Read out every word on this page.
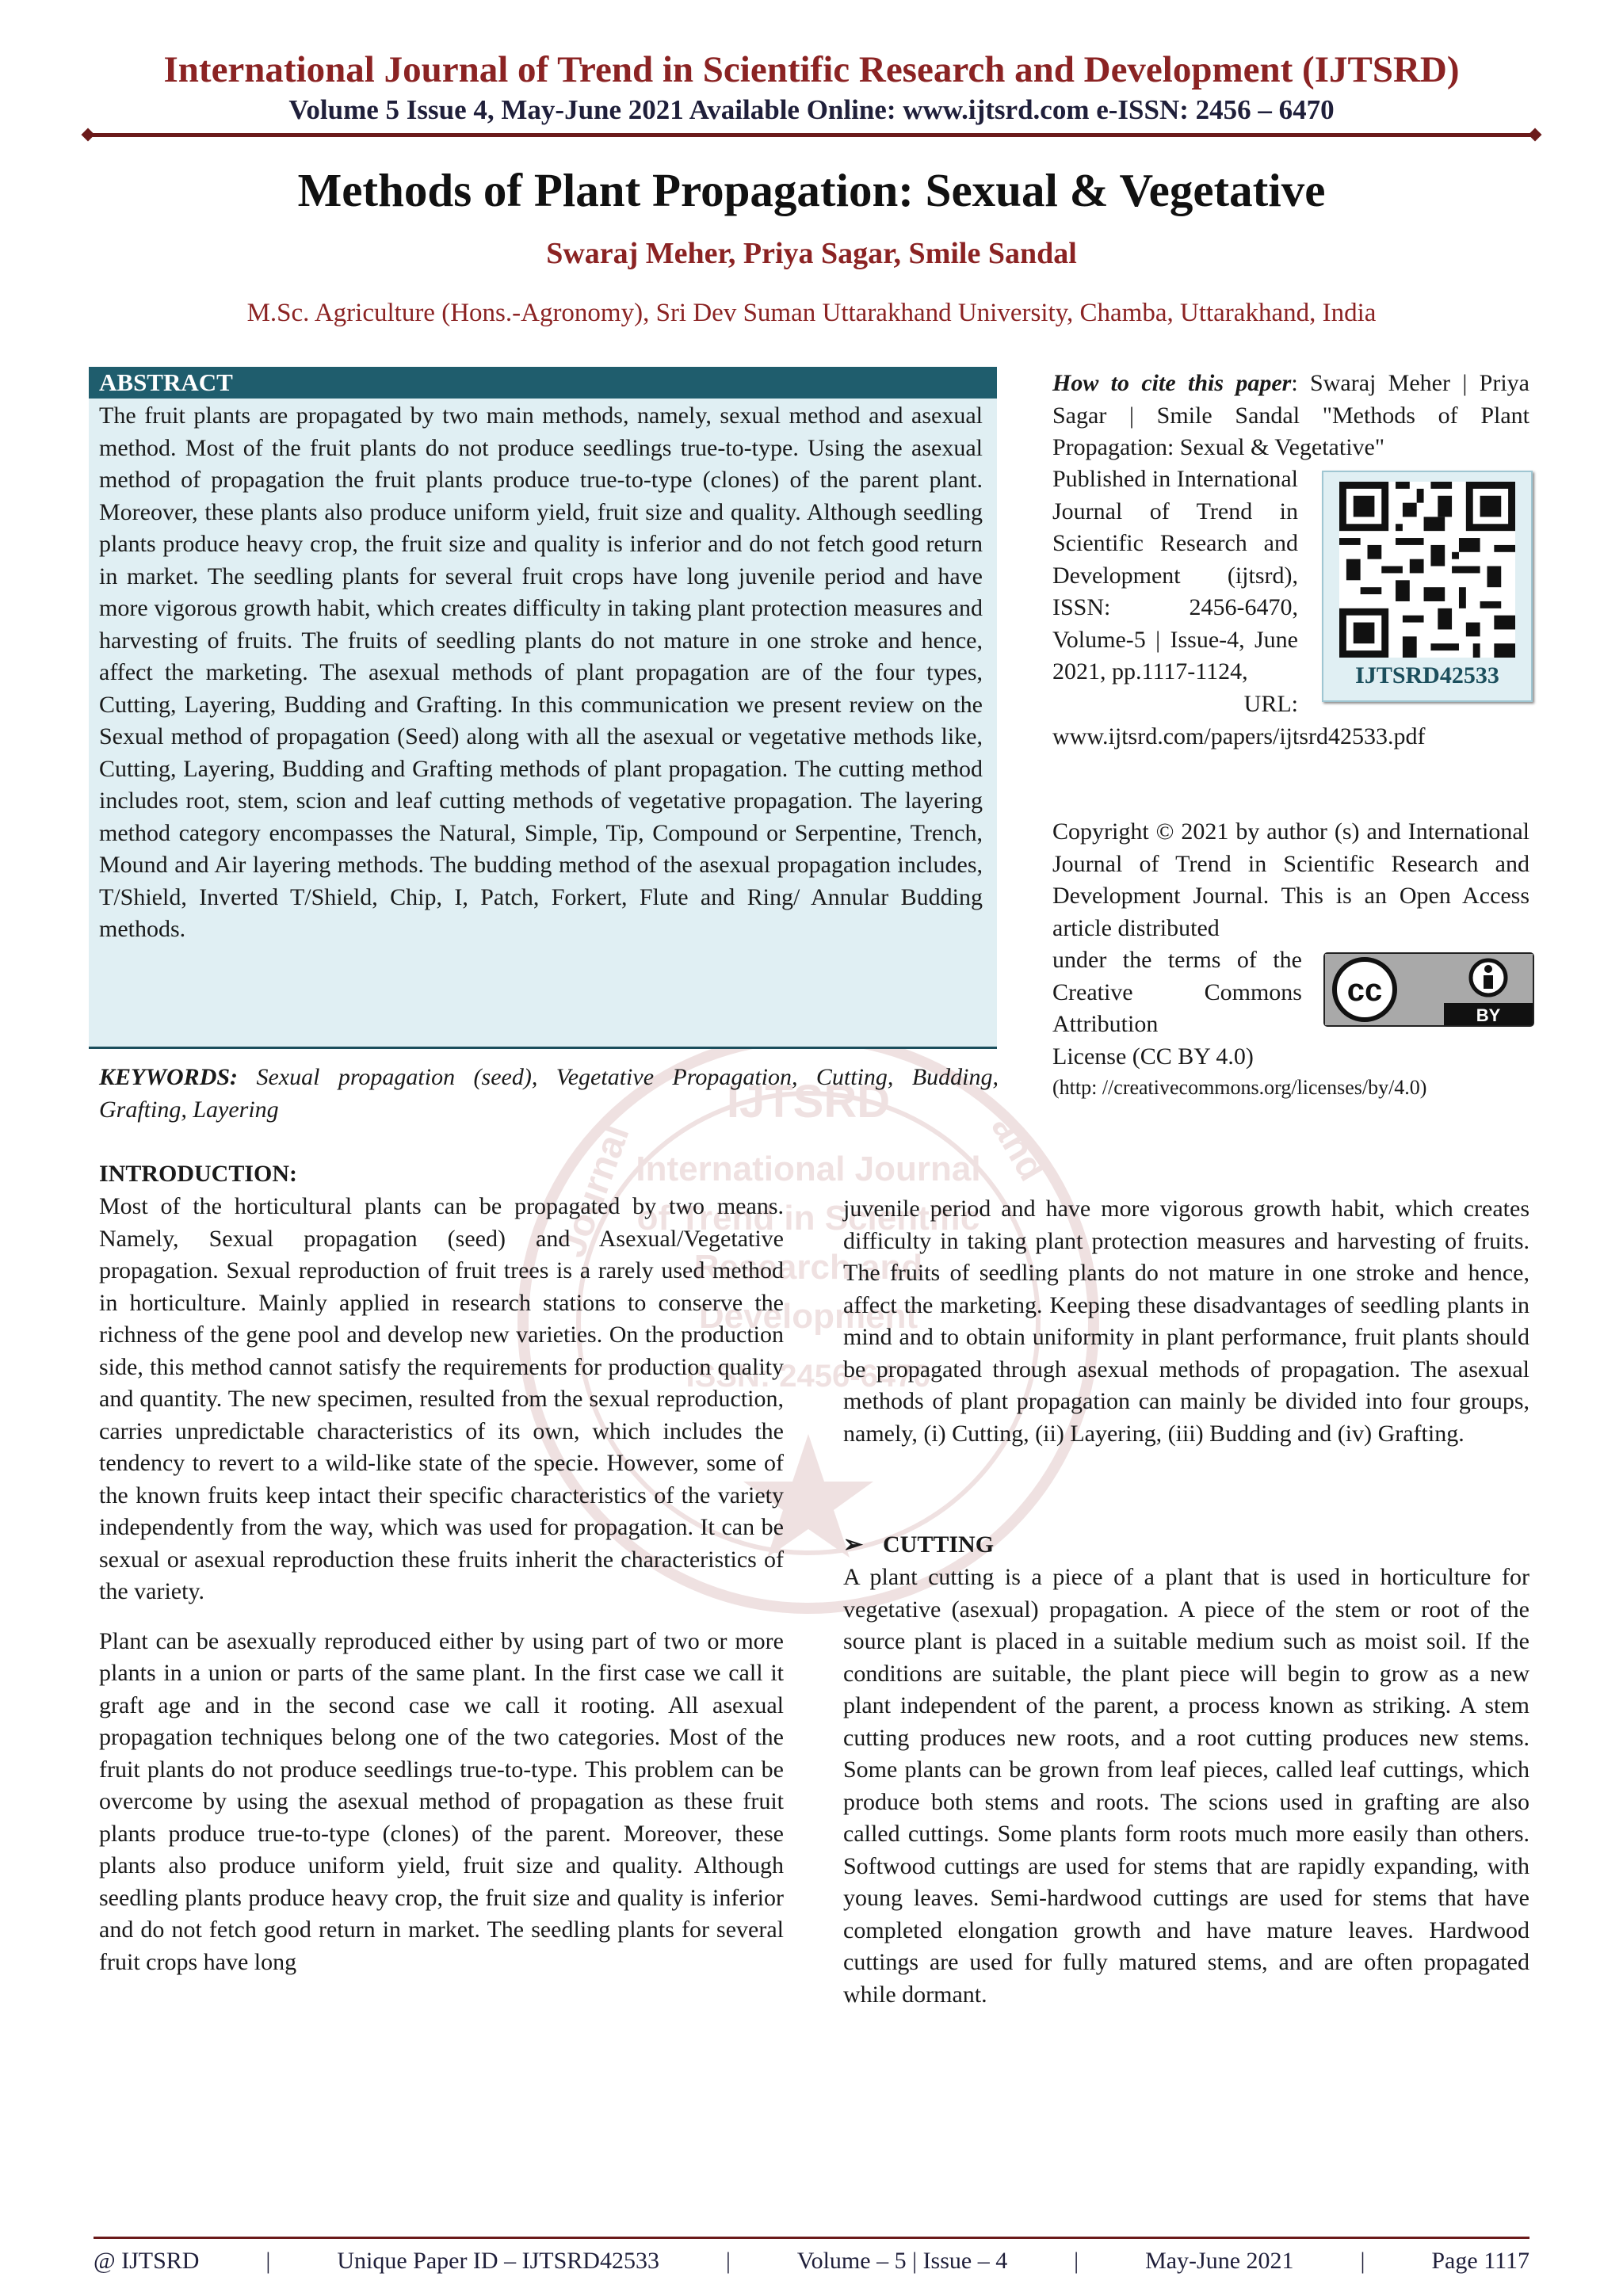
IJTSRD
International Journal
of Trend in Scientific
Research and
Development
ISSN: 2456-6470
Journal	and
International Journal of Trend in Scientific Research and Development (IJTSRD)
Volume 5 Issue 4, May-June 2021 Available Online: www.ijtsrd.com e-ISSN: 2456 – 6470
Methods of Plant Propagation: Sexual & Vegetative
Swaraj Meher, Priya Sagar, Smile Sandal
M.Sc. Agriculture (Hons.-Agronomy), Sri Dev Suman Uttarakhand University, Chamba, Uttarakhand, India
ABSTRACT
The fruit plants are propagated by two main methods, namely, sexual method and asexual method. Most of the fruit plants do not produce seedlings true-to-type. Using the asexual method of propagation the fruit plants produce true-to-type (clones) of the parent plant. Moreover, these plants also produce uniform yield, fruit size and quality. Although seedling plants produce heavy crop, the fruit size and quality is inferior and do not fetch good return in market. The seedling plants for several fruit crops have long juvenile period and have more vigorous growth habit, which creates difficulty in taking plant protection measures and harvesting of fruits. The fruits of seedling plants do not mature in one stroke and hence, affect the marketing. The asexual methods of plant propagation are of the four types, Cutting, Layering, Budding and Grafting. In this communication we present review on the Sexual method of propagation (Seed) along with all the asexual or vegetative methods like, Cutting, Layering, Budding and Grafting methods of plant propagation. The cutting method includes root, stem, scion and leaf cutting methods of vegetative propagation. The layering method category encompasses the Natural, Simple, Tip, Compound or Serpentine, Trench, Mound and Air layering methods. The budding method of the asexual propagation includes, T/Shield, Inverted T/Shield, Chip, I, Patch, Forkert, Flute and Ring/ Annular Budding methods.
KEYWORDS: Sexual propagation (seed), Vegetative Propagation, Cutting, Budding, Grafting, Layering
How to cite this paper: Swaraj Meher | Priya Sagar | Smile Sandal "Methods of Plant Propagation: Sexual & Vegetative"
Published in International Journal of Trend in Scientific Research and Development (ijtsrd), ISSN: 2456-6470, Volume-5 | Issue-4, June 2021, pp.1117-1124,
URL:
www.ijtsrd.com/papers/ijtsrd42533.pdf
IJTSRD42533
Copyright © 2021 by author (s) and International Journal of Trend in Scientific Research and Development Journal. This is an Open Access article distributed
under the terms of the Creative Commons Attribution
cc
BY
License (CC BY 4.0)
(http: //creativecommons.org/licenses/by/4.0)
INTRODUCTION:

Most of the horticultural plants can be propagated by two means. Namely, Sexual propagation (seed) and Asexual/Vegetative propagation. Sexual reproduction of fruit trees is a rarely used method in horticulture. Mainly applied in research stations to conserve the richness of the gene pool and develop new varieties. On the production side, this method cannot satisfy the requirements for production quality and quantity. The new specimen, resulted from the sexual reproduction, carries unpredictable characteristics of its own, which includes the tendency to revert to a wild-like state of the specie. However, some of the known fruits keep intact their specific characteristics of the variety independently from the way, which was used for propagation. It can be sexual or asexual reproduction these fruits inherit the characteristics of the variety.

Plant can be asexually reproduced either by using part of two or more plants in a union or parts of the same plant. In the first case we call it graft age and in the second case we call it rooting. All asexual propagation techniques belong one of the two categories. Most of the fruit plants do not produce seedlings true-to-type. This problem can be overcome by using the asexual method of propagation as these fruit plants produce true-to-type (clones) of the parent. Moreover, these plants also produce uniform yield, fruit size and quality. Although seedling plants produce heavy crop, the fruit size and quality is inferior and do not fetch good return in market. The seedling plants for several fruit crops have long

juvenile period and have more vigorous growth habit, which creates difficulty in taking plant protection measures and harvesting of fruits. The fruits of seedling plants do not mature in one stroke and hence, affect the marketing. Keeping these disadvantages of seedling plants in mind and to obtain uniformity in plant performance, fruit plants should be propagated through asexual methods of propagation. The asexual methods of plant propagation can mainly be divided into four groups, namely, (i) Cutting, (ii) Layering, (iii) Budding and (iv) Grafting.

➢ CUTTING
A plant cutting is a piece of a plant that is used in horticulture for vegetative (asexual) propagation. A piece of the stem or root of the source plant is placed in a suitable medium such as moist soil. If the conditions are suitable, the plant piece will begin to grow as a new plant independent of the parent, a process known as striking. A stem cutting produces new roots, and a root cutting produces new stems. Some plants can be grown from leaf pieces, called leaf cuttings, which produce both stems and roots. The scions used in grafting are also called cuttings. Some plants form roots much more easily than others. Softwood cuttings are used for stems that are rapidly expanding, with young leaves. Semi-hardwood cuttings are used for stems that have completed elongation growth and have mature leaves. Hardwood cuttings are used for fully matured stems, and are often propagated while dormant.
@ IJTSRD	|	Unique Paper ID – IJTSRD42533	|	Volume – 5 | Issue – 4	|	May-June 2021	|	Page 1117
